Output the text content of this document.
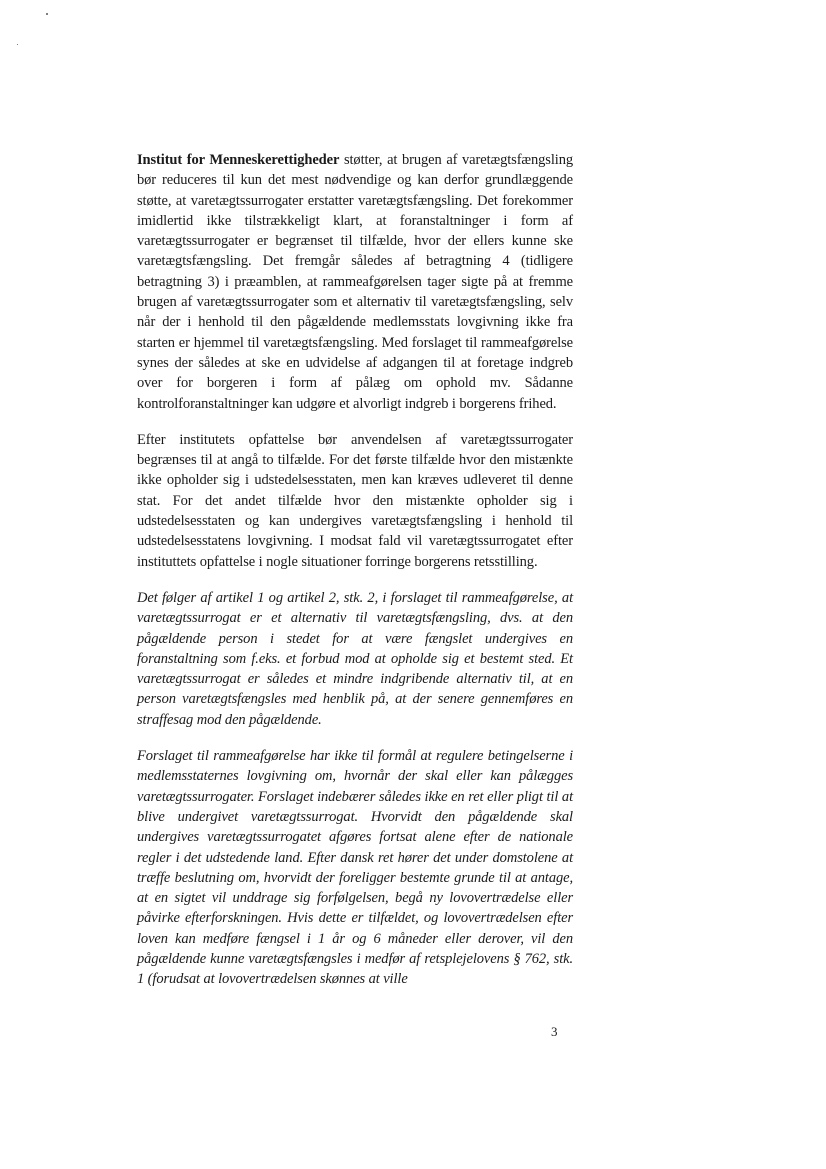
Institut for Menneskerettigheder støtter, at brugen af varetægtsfængsling bør reduceres til kun det mest nødvendige og kan derfor grundlæggende støtte, at varetægtssurrogater erstatter varetægtsfængsling. Det forekommer imidlertid ikke tilstrækkeligt klart, at foranstaltninger i form af varetægtssurrogater er begrænset til tilfælde, hvor der ellers kunne ske varetægtsfængsling. Det fremgår således af betragtning 4 (tidligere betragtning 3) i præamblen, at rammeafgørelsen tager sigte på at fremme brugen af varetægtssurrogater som et alternativ til varetægtsfængsling, selv når der i henhold til den pågældende medlemsstats lovgivning ikke fra starten er hjemmel til varetægtsfængsling. Med forslaget til rammeafgørelse synes der således at ske en udvidelse af adgangen til at foretage indgreb over for borgeren i form af pålæg om ophold mv. Sådanne kontrolforanstaltninger kan udgøre et alvorligt indgreb i borgerens frihed.

Efter institutets opfattelse bør anvendelsen af varetægtssurrogater begrænses til at angå to tilfælde. For det første tilfælde hvor den mistænkte ikke opholder sig i udstedelsesstaten, men kan kræves udleveret til denne stat. For det andet tilfælde hvor den mistænkte opholder sig i udstedelsesstaten og kan undergives varetægtsfængsling i henhold til udstedelsesstatens lovgivning. I modsat fald vil varetægtssurrogatet efter instituttets opfattelse i nogle situationer forringe borgerens retsstilling.

Det følger af artikel 1 og artikel 2, stk. 2, i forslaget til rammeafgørelse, at varetægtssurrogat er et alternativ til varetægtsfængsling, dvs. at den pågældende person i stedet for at være fængslet undergives en foranstaltning som f.eks. et forbud mod at opholde sig et bestemt sted. Et varetægtssurrogat er således et mindre indgribende alternativ til, at en person varetægtsfængsles med henblik på, at der senere gennemføres en straffesag mod den pågældende.

Forslaget til rammeafgørelse har ikke til formål at regulere betingelserne i medlemsstaternes lovgivning om, hvornår der skal eller kan pålægges varetægtssurrogater. Forslaget indebærer således ikke en ret eller pligt til at blive undergivet varetægtssurrogat. Hvorvidt den pågældende skal undergives varetægtssurrogatet afgøres fortsat alene efter de nationale regler i det udstedende land. Efter dansk ret hører det under domstolene at træffe beslutning om, hvorvidt der foreligger bestemte grunde til at antage, at en sigtet vil unddrage sig forfølgelsen, begå ny lovovertrædelse eller påvirke efterforskningen. Hvis dette er tilfældet, og lovovertrædelsen efter loven kan medføre fængsel i 1 år og 6 måneder eller derover, vil den pågældende kunne varetægtsfængsles i medfør af retsplejelovens § 762, stk. 1 (forudsat at lovovertrædelsen skønnes at ville

3
